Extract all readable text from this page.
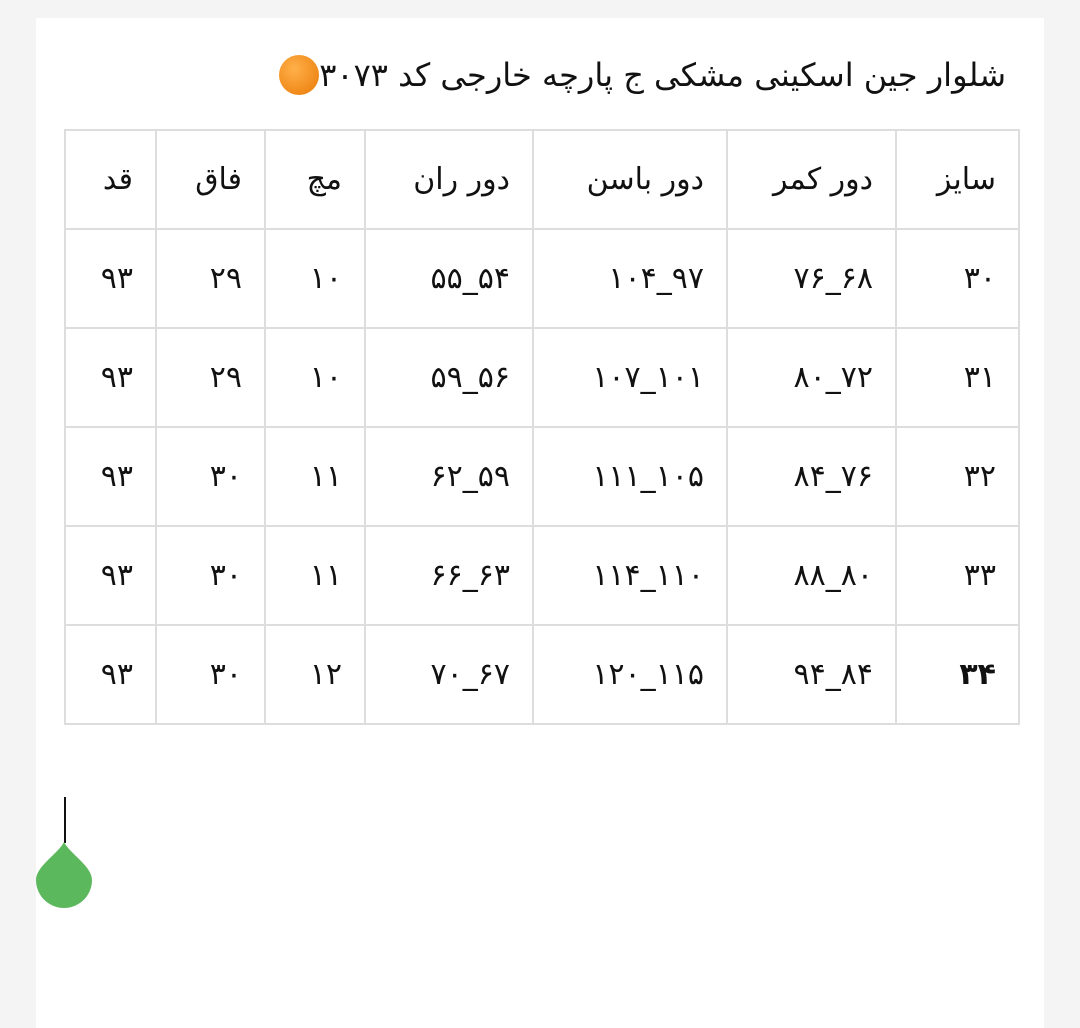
شلوار جین اسکینی مشکی ج پارچه خارجی کد ۳۰۷۳
سایز	دور کمر	دور باسن	دور ران	مچ	فاق	قد
۳۰	۶۸_۷۶	۹۷_۱۰۴	۵۴_۵۵	۱۰	۲۹	۹۳
۳۱	۷۲_۸۰	۱۰۱_۱۰۷	۵۶_۵۹	۱۰	۲۹	۹۳
۳۲	۷۶_۸۴	۱۰۵_۱۱۱	۵۹_۶۲	۱۱	۳۰	۹۳
۳۳	۸۰_۸۸	۱۱۰_۱۱۴	۶۳_۶۶	۱۱	۳۰	۹۳
۳۴	۸۴_۹۴	۱۱۵_۱۲۰	۶۷_۷۰	۱۲	۳۰	۹۳
